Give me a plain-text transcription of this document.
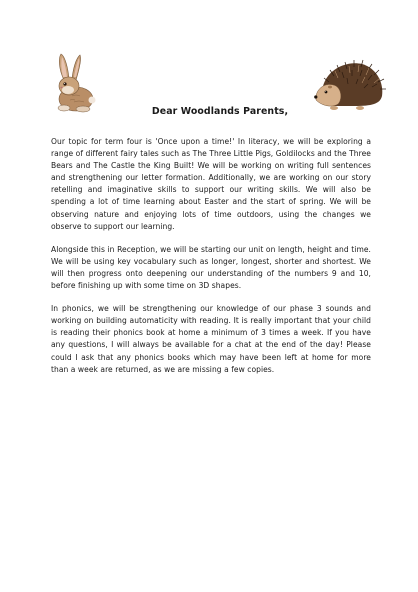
Dear Woodlands Parents,

Our topic for term four is 'Once upon a time!' In literacy, we will be exploring a range of different fairy tales such as The Three Little Pigs, Goldilocks and the Three Bears and The Castle the King Built! We will be working on writing full sentences and strengthening our letter formation. Additionally, we are working on our story retelling and imaginative skills to support our writing skills. We will also be spending a lot of time learning about Easter and the start of spring. We will be observing nature and enjoying lots of time outdoors, using the changes we observe to support our learning.

Alongside this in Reception, we will be starting our unit on length, height and time. We will be using key vocabulary such as longer, longest, shorter and shortest. We will then progress onto deepening our understanding of the numbers 9 and 10, before finishing up with some time on 3D shapes.

In phonics, we will be strengthening our knowledge of our phase 3 sounds and working on building automaticity with reading. It is really important that your child is reading their phonics book at home a minimum of 3 times a week. If you have any questions, I will always be available for a chat at the end of the day! Please could I ask that any phonics books which may have been left at home for more than a week are returned, as we are missing a few copies.
